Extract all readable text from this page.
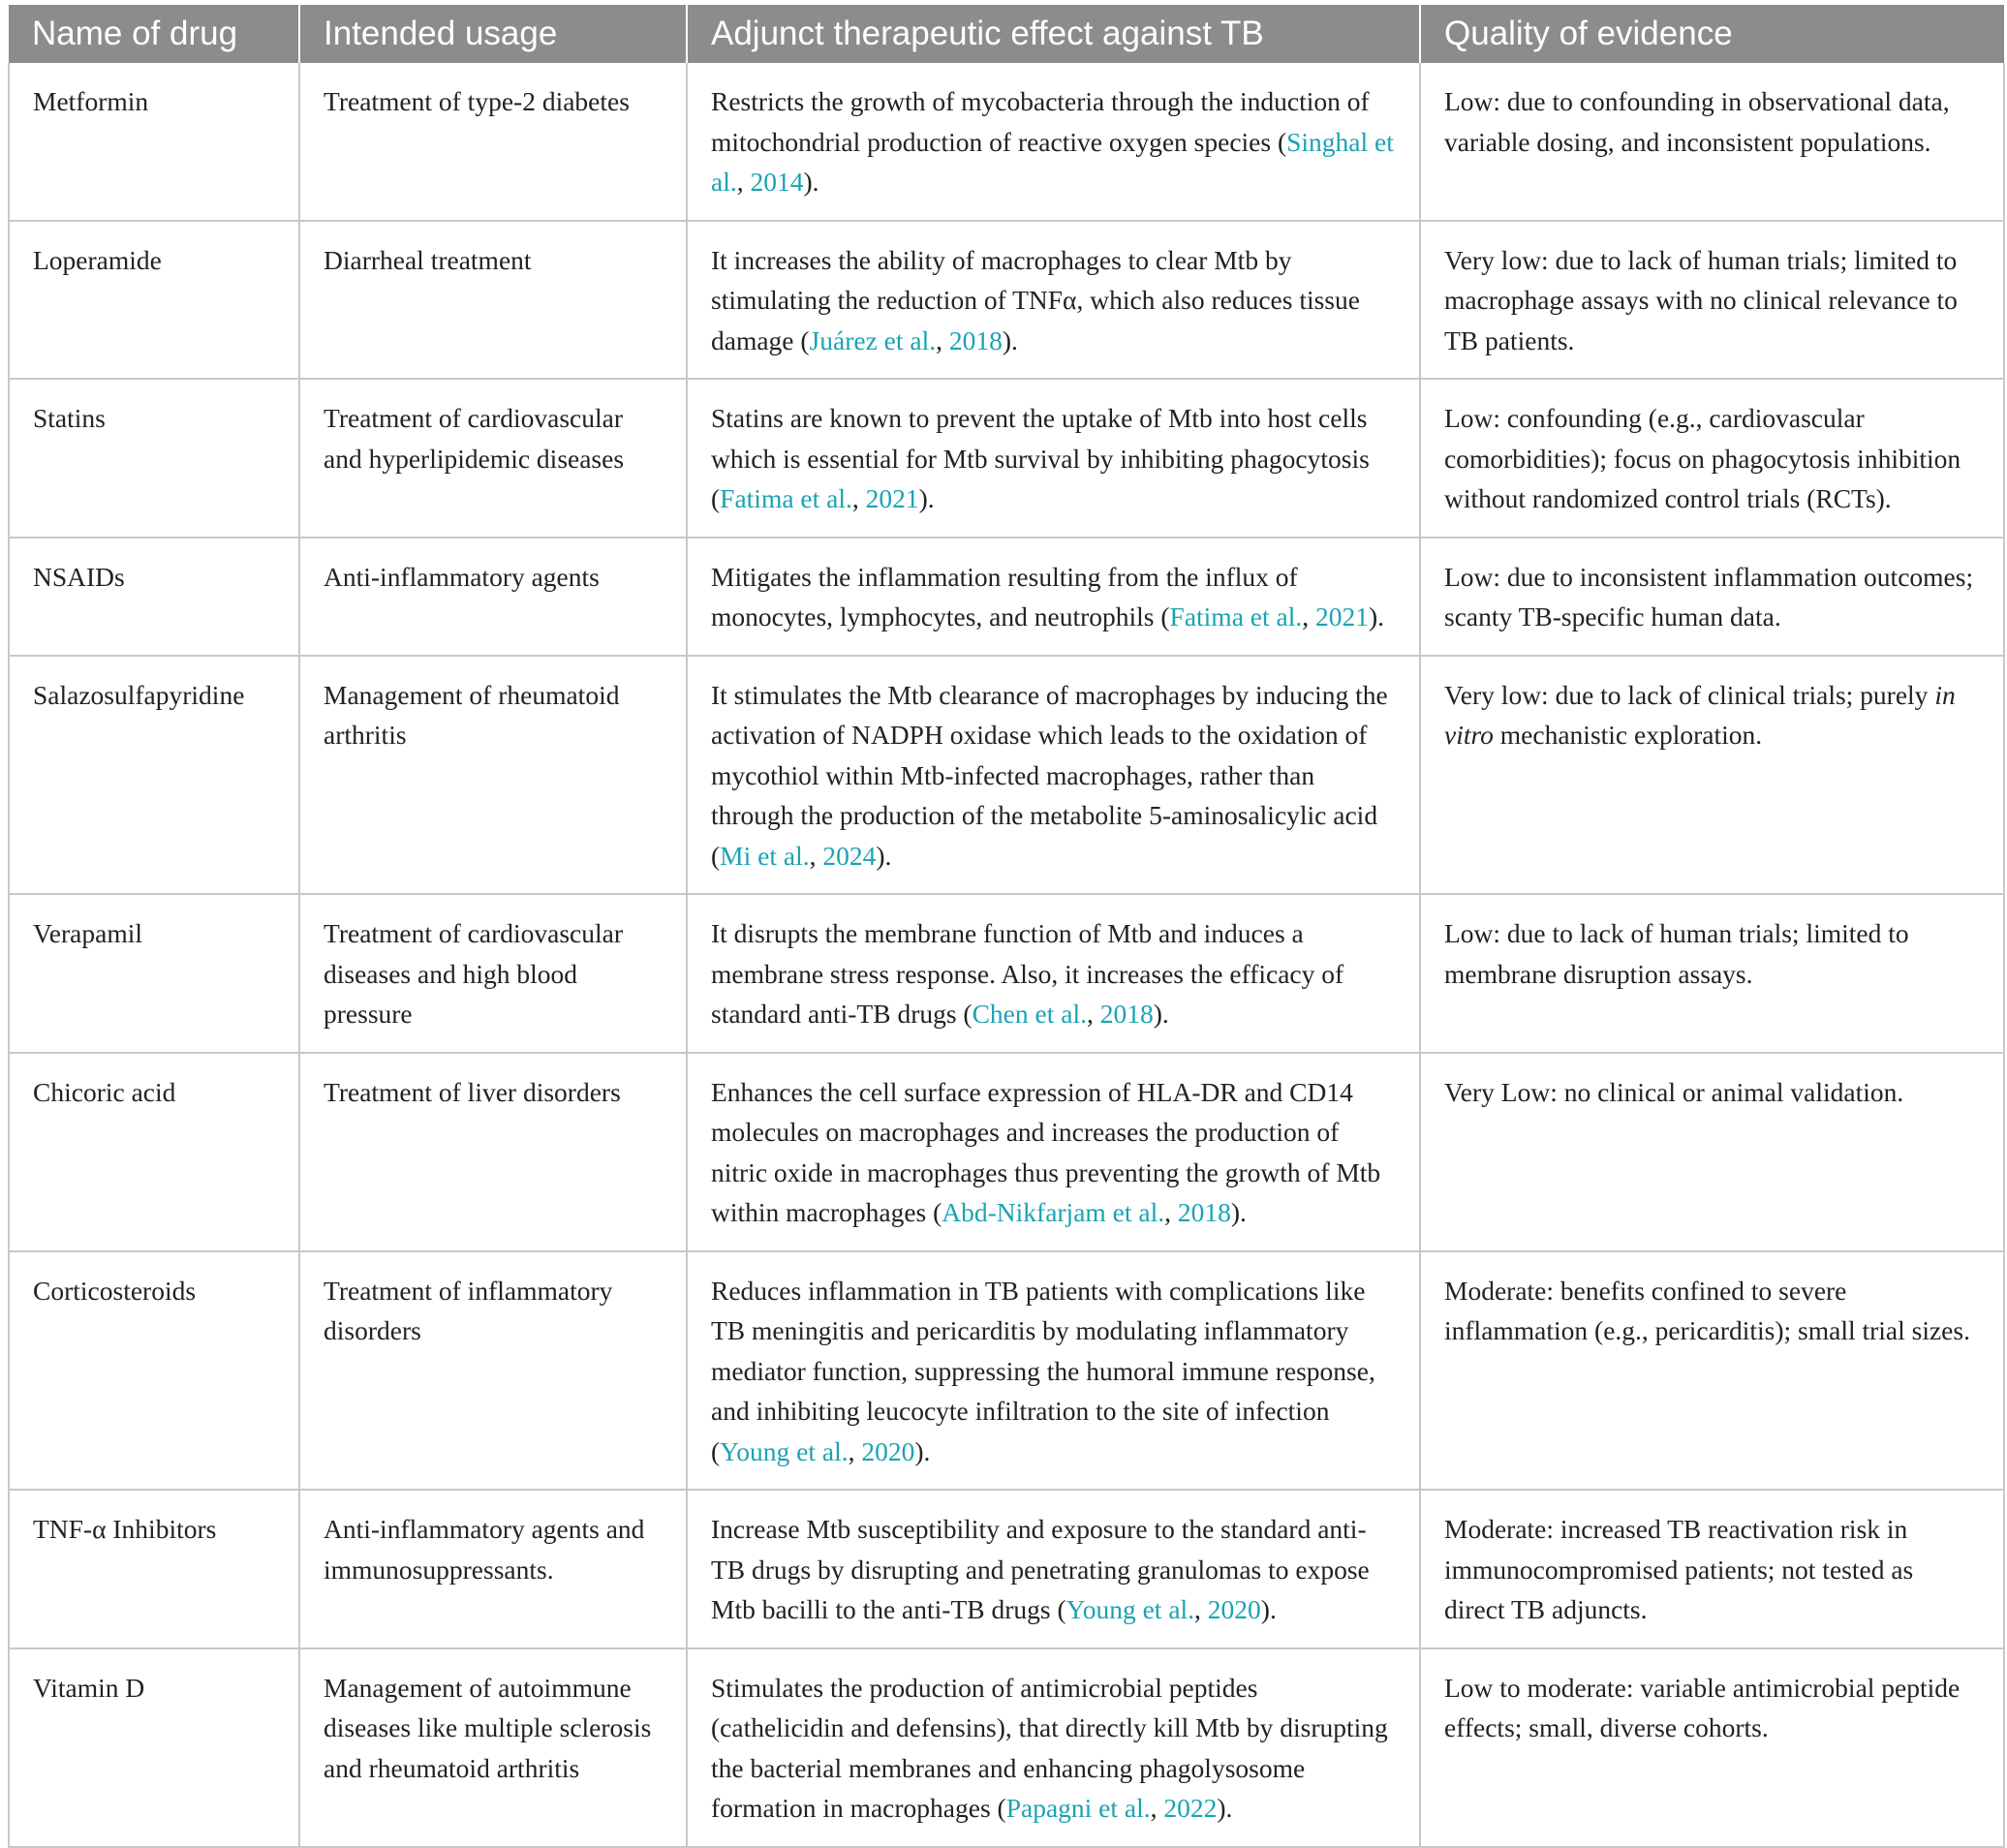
Name of drug	Intended usage	Adjunct therapeutic effect against TB	Quality of evidence
Metformin	Treatment of type-2 diabetes	Restricts the growth of mycobacteria through the induction of mitochondrial production of reactive oxygen species (Singhal et al., 2014).	Low: due to confounding in observational data, variable dosing, and inconsistent populations.
Loperamide	Diarrheal treatment	It increases the ability of macrophages to clear Mtb by stimulating the reduction of TNFα, which also reduces tissue damage (Juárez et al., 2018).	Very low: due to lack of human trials; limited to macrophage assays with no clinical relevance to TB patients.
Statins	Treatment of cardiovascular and hyperlipidemic diseases	Statins are known to prevent the uptake of Mtb into host cells which is essential for Mtb survival by inhibiting phagocytosis (Fatima et al., 2021).	Low: confounding (e.g., cardiovascular comorbidities); focus on phagocytosis inhibition without randomized control trials (RCTs).
NSAIDs	Anti-inflammatory agents	Mitigates the inflammation resulting from the influx of monocytes, lymphocytes, and neutrophils (Fatima et al., 2021).	Low: due to inconsistent inflammation outcomes; scanty TB-specific human data.
Salazosulfapyridine	Management of rheumatoid arthritis	It stimulates the Mtb clearance of macrophages by inducing the activation of NADPH oxidase which leads to the oxidation of mycothiol within Mtb-infected macrophages, rather than through the production of the metabolite 5-aminosalicylic acid (Mi et al., 2024).	Very low: due to lack of clinical trials; purely in vitro mechanistic exploration.
Verapamil	Treatment of cardiovascular diseases and high blood pressure	It disrupts the membrane function of Mtb and induces a membrane stress response. Also, it increases the efficacy of standard anti-TB drugs (Chen et al., 2018).	Low: due to lack of human trials; limited to membrane disruption assays.
Chicoric acid	Treatment of liver disorders	Enhances the cell surface expression of HLA-DR and CD14 molecules on macrophages and increases the production of nitric oxide in macrophages thus preventing the growth of Mtb within macrophages (Abd-Nikfarjam et al., 2018).	Very Low: no clinical or animal validation.
Corticosteroids	Treatment of inflammatory disorders	Reduces inflammation in TB patients with complications like TB meningitis and pericarditis by modulating inflammatory mediator function, suppressing the humoral immune response, and inhibiting leucocyte infiltration to the site of infection (Young et al., 2020).	Moderate: benefits confined to severe inflammation (e.g., pericarditis); small trial sizes.
TNF-α Inhibitors	Anti-inflammatory agents and immunosuppressants.	Increase Mtb susceptibility and exposure to the standard anti-TB drugs by disrupting and penetrating granulomas to expose Mtb bacilli to the anti-TB drugs (Young et al., 2020).	Moderate: increased TB reactivation risk in immunocompromised patients; not tested as direct TB adjuncts.
Vitamin D	Management of autoimmune diseases like multiple sclerosis and rheumatoid arthritis	Stimulates the production of antimicrobial peptides (cathelicidin and defensins), that directly kill Mtb by disrupting the bacterial membranes and enhancing phagolysosome formation in macrophages (Papagni et al., 2022).	Low to moderate: variable antimicrobial peptide effects; small, diverse cohorts.
